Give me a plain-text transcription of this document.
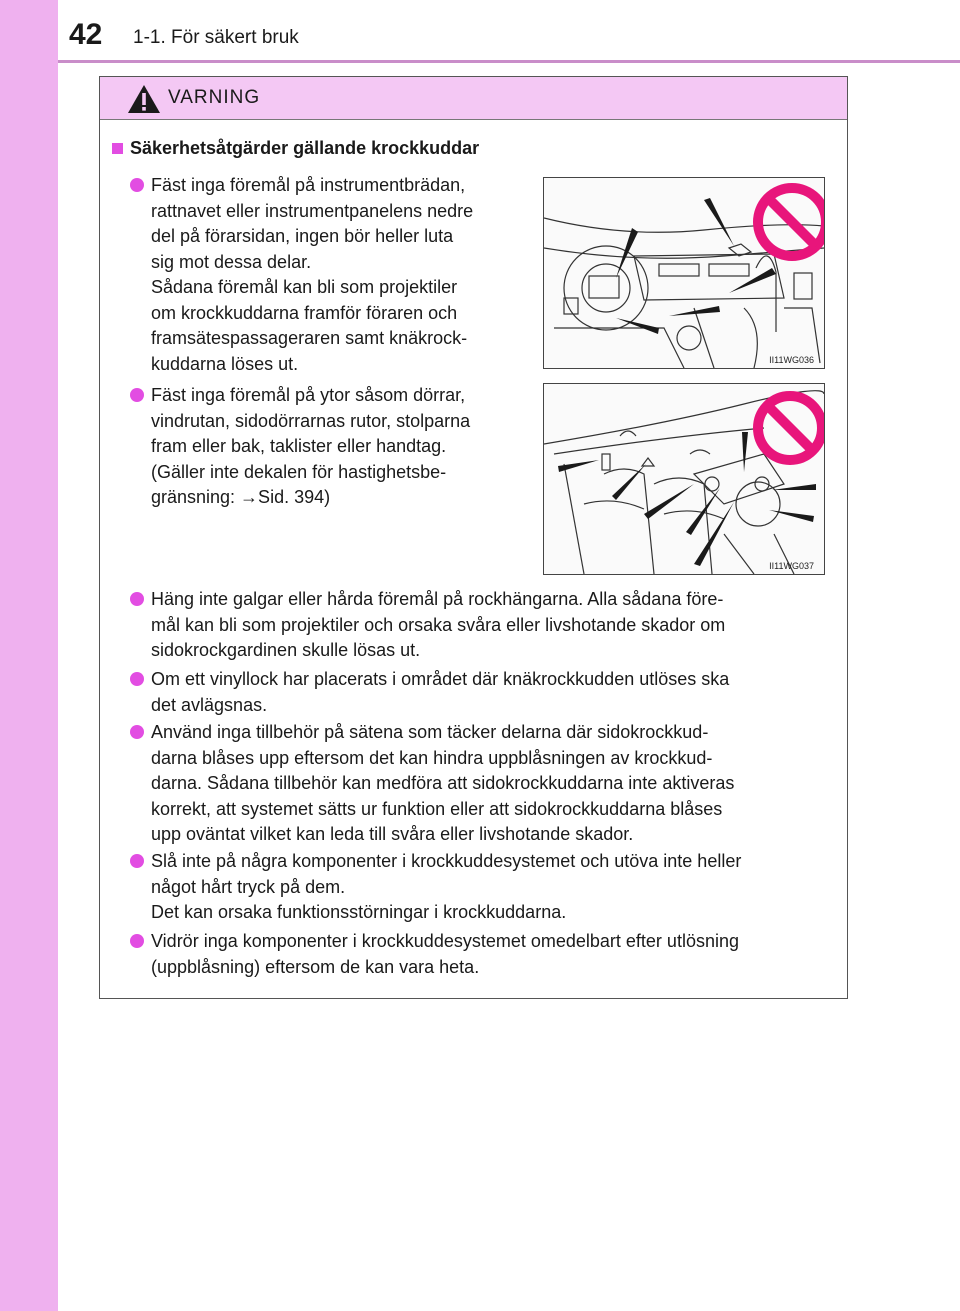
42 1-1. För säkert bruk
VARNING
Säkerhetsåtgärder gällande krockkuddar
Fäst inga föremål på instrumentbrädan,
rattnavet eller instrumentpanelens nedre
del på förarsidan, ingen bör heller luta
sig mot dessa delar.
Sådana föremål kan bli som projektiler
om krockkuddarna framför föraren och
framsätespassageraren samt knäkrock-
kuddarna löses ut.	II11WG036
Fäst inga föremål på ytor såsom dörrar,
vindrutan, sidodörrarnas rutor, stolparna
fram eller bak, taklister eller handtag.
(Gäller inte dekalen för hastighetsbe-
gränsning: →Sid. 394)
II11WG037
Häng inte galgar eller hårda föremål på rockhängarna. Alla sådana före-
mål kan bli som projektiler och orsaka svåra eller livshotande skador om
sidokrockgardinen skulle lösas ut.
Om ett vinyllock har placerats i området där knäkrockkudden utlöses ska
det avlägsnas.
Använd inga tillbehör på sätena som täcker delarna där sidokrockkud-
darna blåses upp eftersom det kan hindra uppblåsningen av krockkud-
darna. Sådana tillbehör kan medföra att sidokrockkuddarna inte aktiveras
korrekt, att systemet sätts ur funktion eller att sidokrockkuddarna blåses
upp oväntat vilket kan leda till svåra eller livshotande skador.
Slå inte på några komponenter i krockkuddesystemet och utöva inte heller
något hårt tryck på dem.
Det kan orsaka funktionsstörningar i krockkuddarna.
Vidrör inga komponenter i krockkuddesystemet omedelbart efter utlösning
(uppblåsning) eftersom de kan vara heta.
